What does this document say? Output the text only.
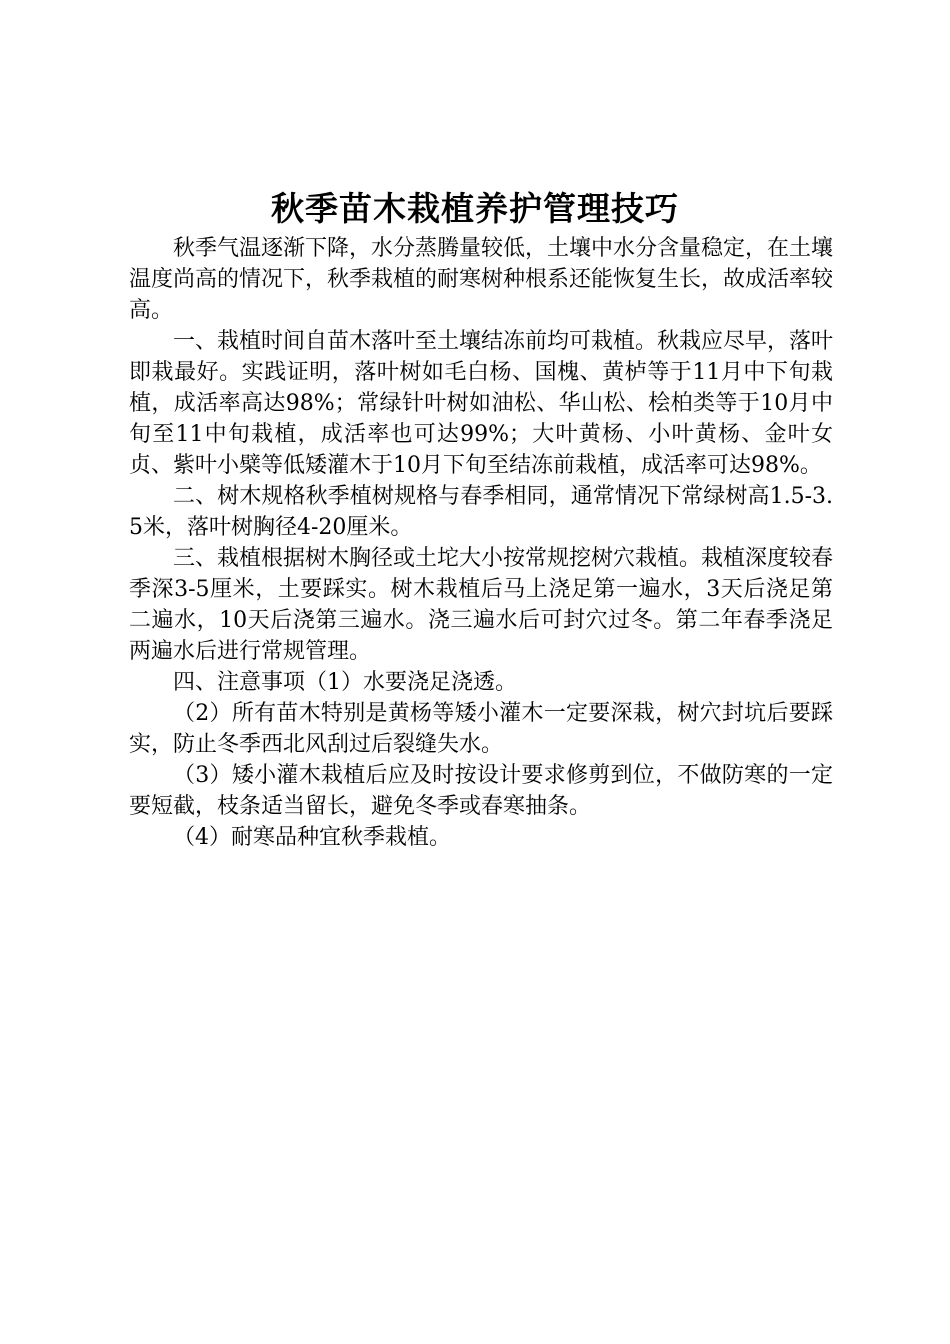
秋季苗木栽植养护管理技巧

秋季气温逐渐下降，水分蒸腾量较低，土壤中水分含量稳定，在土壤温度尚高的情况下，秋季栽植的耐寒树种根系还能恢复生长，故成活率较高。

一、栽植时间自苗木落叶至土壤结冻前均可栽植。秋栽应尽早，落叶即栽最好。实践证明，落叶树如毛白杨、国槐、黄栌等于11月中下旬栽植，成活率高达98%；常绿针叶树如油松、华山松、桧柏类等于10月中旬至11中旬栽植，成活率也可达99%；大叶黄杨、小叶黄杨、金叶女贞、紫叶小檗等低矮灌木于10月下旬至结冻前栽植，成活率可达98%。

二、树木规格秋季植树规格与春季相同，通常情况下常绿树高1.5-3.5米，落叶树胸径4-20厘米。

三、栽植根据树木胸径或土坨大小按常规挖树穴栽植。栽植深度较春季深3-5厘米，土要踩实。树木栽植后马上浇足第一遍水，3天后浇足第二遍水，10天后浇第三遍水。浇三遍水后可封穴过冬。第二年春季浇足两遍水后进行常规管理。

四、注意事项（1）水要浇足浇透。

（2）所有苗木特别是黄杨等矮小灌木一定要深栽，树穴封坑后要踩实，防止冬季西北风刮过后裂缝失水。

（3）矮小灌木栽植后应及时按设计要求修剪到位，不做防寒的一定要短截，枝条适当留长，避免冬季或春寒抽条。

（4）耐寒品种宜秋季栽植。
